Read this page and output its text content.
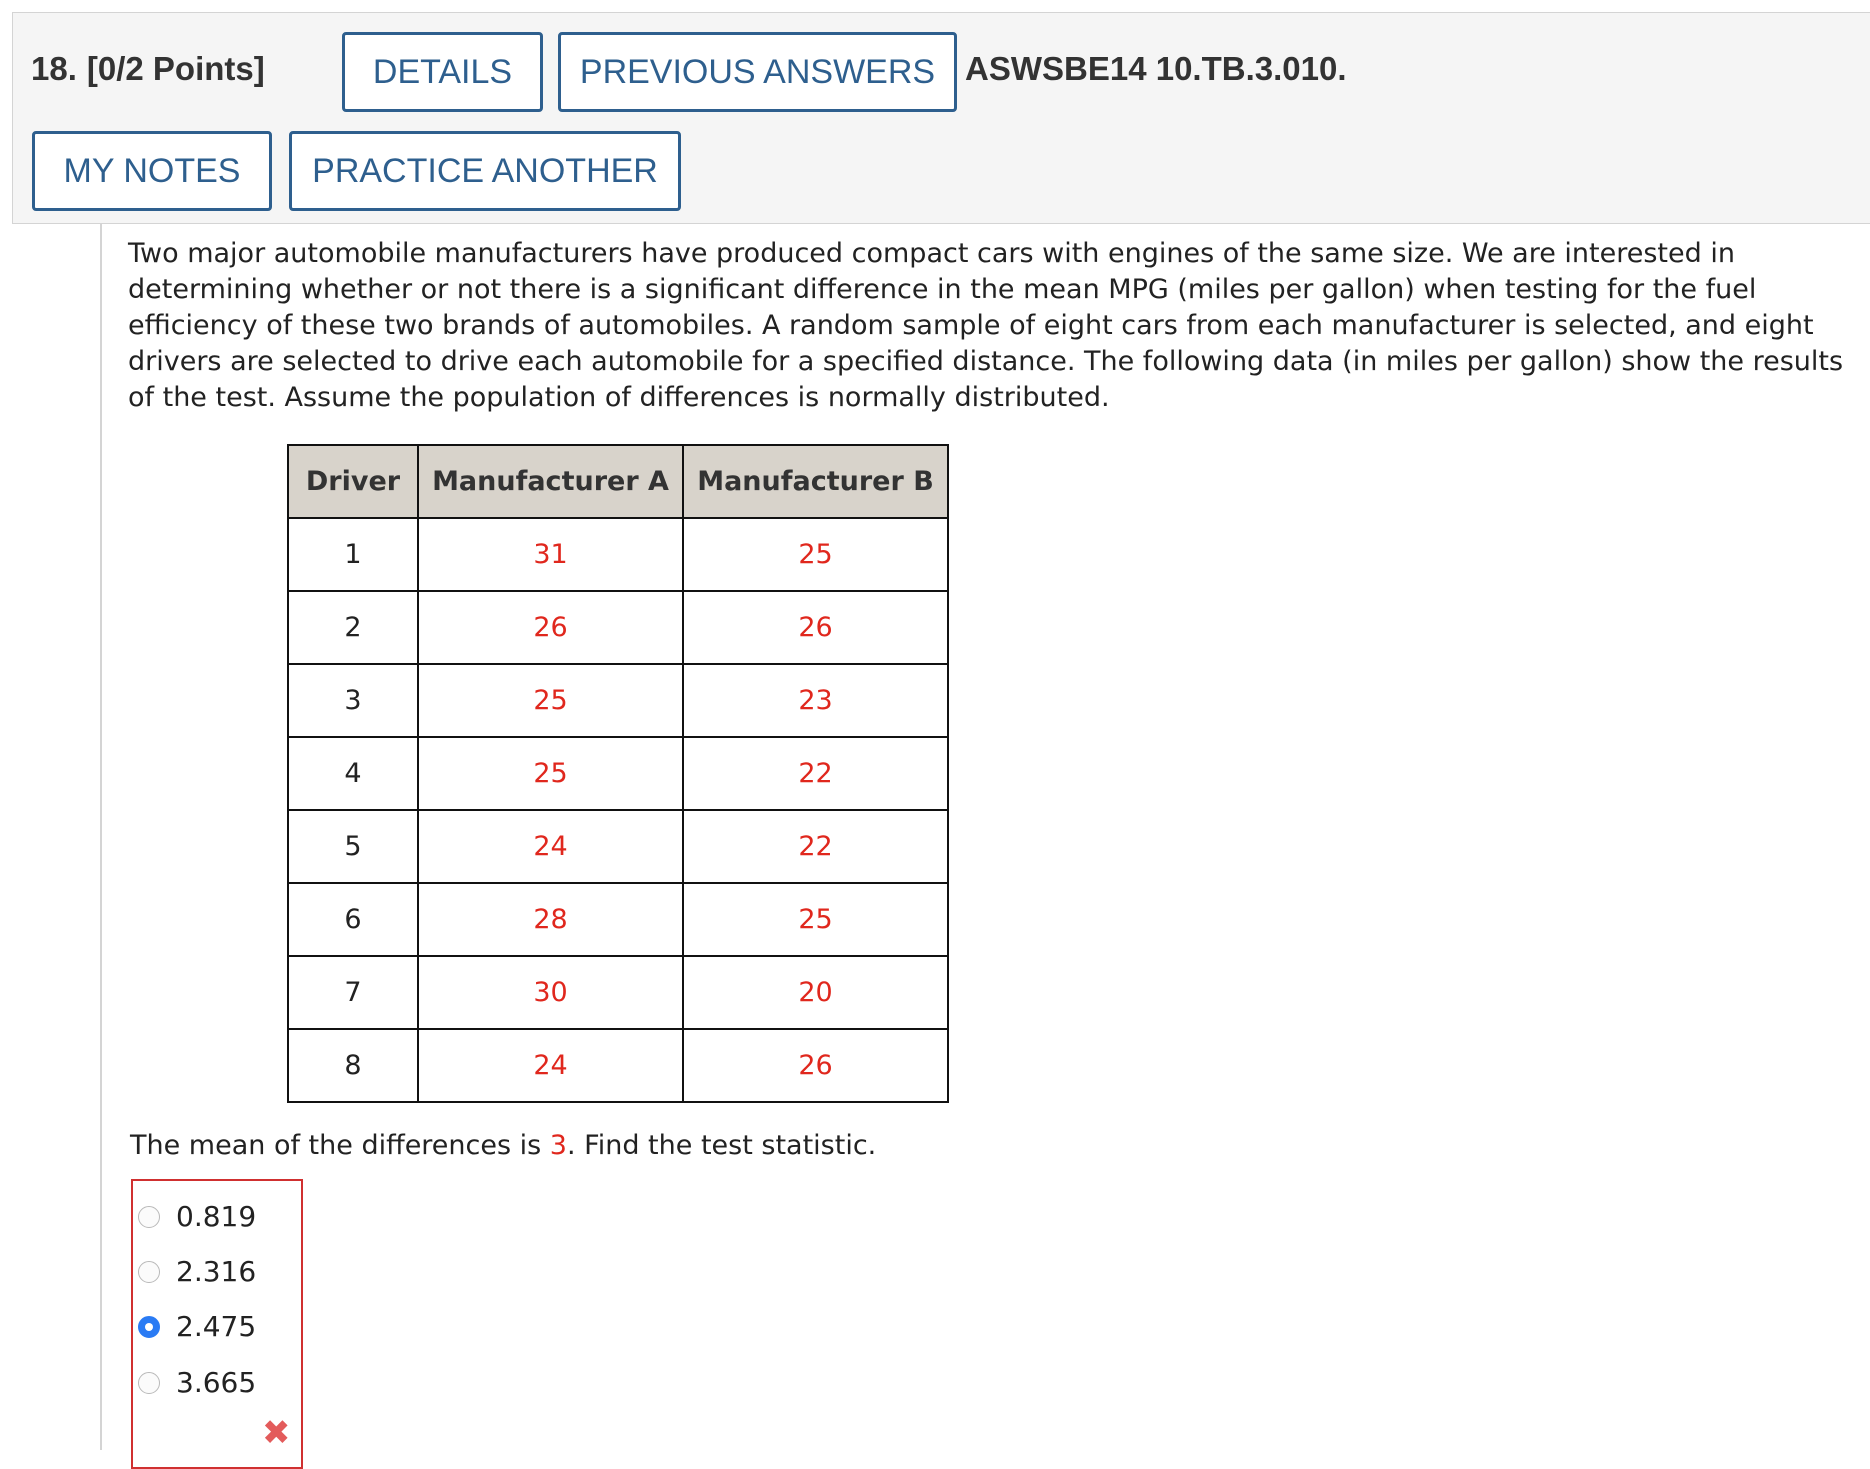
18. [0/2 Points]	DETAILS	PREVIOUS ANSWERS ASWSBE14 10.TB.3.010.
MY NOTES	PRACTICE ANOTHER
Two major automobile manufacturers have produced compact cars with engines of the same size. We are interested in determining whether or not there is a significant difference in the mean MPG (miles per gallon) when testing for the fuel efficiency of these two brands of automobiles. A random sample of eight cars from each manufacturer is selected, and eight drivers are selected to drive each automobile for a specified distance. The following data (in miles per gallon) show the results of the test. Assume the population of differences is normally distributed.
Driver	Manufacturer A	Manufacturer B
1	31	25
2	26	26
3	25	23
4	25	22
5	24	22
6	28	25
7	30	20
8	24	26
The mean of the differences is 3. Find the test statistic.
0.819
2.316
2.475
3.665
✖
